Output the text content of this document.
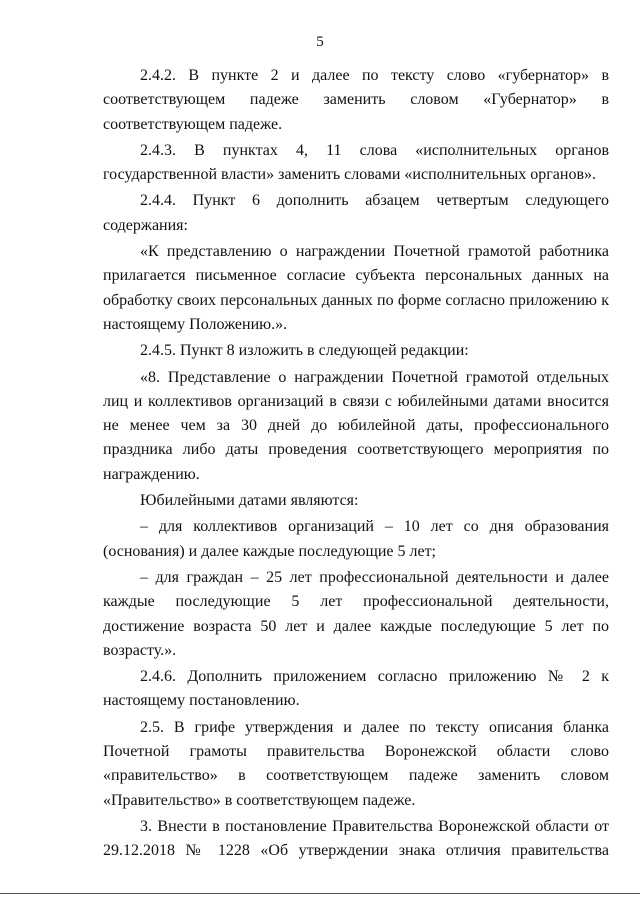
5

2.4.2. В пункте 2 и далее по тексту слово «губернатор» в соответствующем падеже заменить словом «Губернатор» в соответствующем падеже.

2.4.3. В пунктах 4, 11 слова «исполнительных органов государственной власти» заменить словами «исполнительных органов».

2.4.4. Пункт 6 дополнить абзацем четвертым следующего содержания:

«К представлению о награждении Почетной грамотой работника прилагается письменное согласие субъекта персональных данных на обработку своих персональных данных по форме согласно приложению к настоящему Положению.».

2.4.5. Пункт 8 изложить в следующей редакции:

«8. Представление о награждении Почетной грамотой отдельных лиц и коллективов организаций в связи с юбилейными датами вносится не менее чем за 30 дней до юбилейной даты, профессионального праздника либо даты проведения соответствующего мероприятия по награждению.

Юбилейными датами являются:

– для коллективов организаций – 10 лет со дня образования (основания) и далее каждые последующие 5 лет;

– для граждан – 25 лет профессиональной деятельности и далее каждые последующие 5 лет профессиональной деятельности, достижение возраста 50 лет и далее каждые последующие 5 лет по возрасту.».

2.4.6. Дополнить приложением согласно приложению № 2 к настоящему постановлению.

2.5. В грифе утверждения и далее по тексту описания бланка Почетной грамоты правительства Воронежской области слово «правительство» в соответствующем падеже заменить словом «Правительство» в соответствующем падеже.

3. Внести в постановление Правительства Воронежской области от 29.12.2018 № 1228 «Об утверждении знака отличия правительства
